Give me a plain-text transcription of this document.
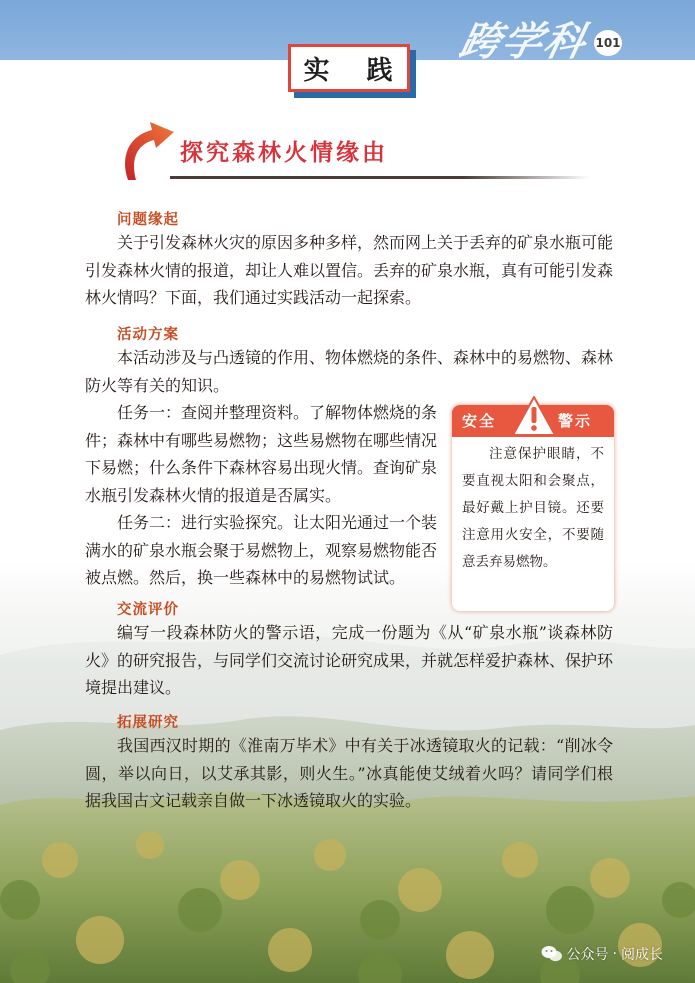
跨学科 101
实 践
探究森林火情缘由
问题缘起

关于引发森林火灾的原因多种多样，然而网上关于丢弃的矿泉水瓶可能引发森林火情的报道，却让人难以置信。丢弃的矿泉水瓶，真有可能引发森林火情吗？下面，我们通过实践活动一起探索。

活动方案

本活动涉及与凸透镜的作用、物体燃烧的条件、森林中的易燃物、森林防火等有关的知识。

任务一：查阅并整理资料。了解物体燃烧的条件；森林中有哪些易燃物；这些易燃物在哪些情况下易燃；什么条件下森林容易出现火情。查询矿泉水瓶引发森林火情的报道是否属实。

任务二：进行实验探究。让太阳光通过一个装满水的矿泉水瓶会聚于易燃物上，观察易燃物能否被点燃。然后，换一些森林中的易燃物试试。

安全	警示

注意保护眼睛，不要直视太阳和会聚点，最好戴上护目镜。还要注意用火安全，不要随意丢弃易燃物。

交流评价

编写一段森林防火的警示语，完成一份题为《从“矿泉水瓶”谈森林防火》的研究报告，与同学们交流讨论研究成果，并就怎样爱护森林、保护环境提出建议。

拓展研究

我国西汉时期的《淮南万毕术》中有关于冰透镜取火的记载：“削冰令圆，举以向日，以艾承其影，则火生。”冰真能使艾绒着火吗？请同学们根据我国古文记载亲自做一下冰透镜取火的实验。

公众号 · 阅成长
